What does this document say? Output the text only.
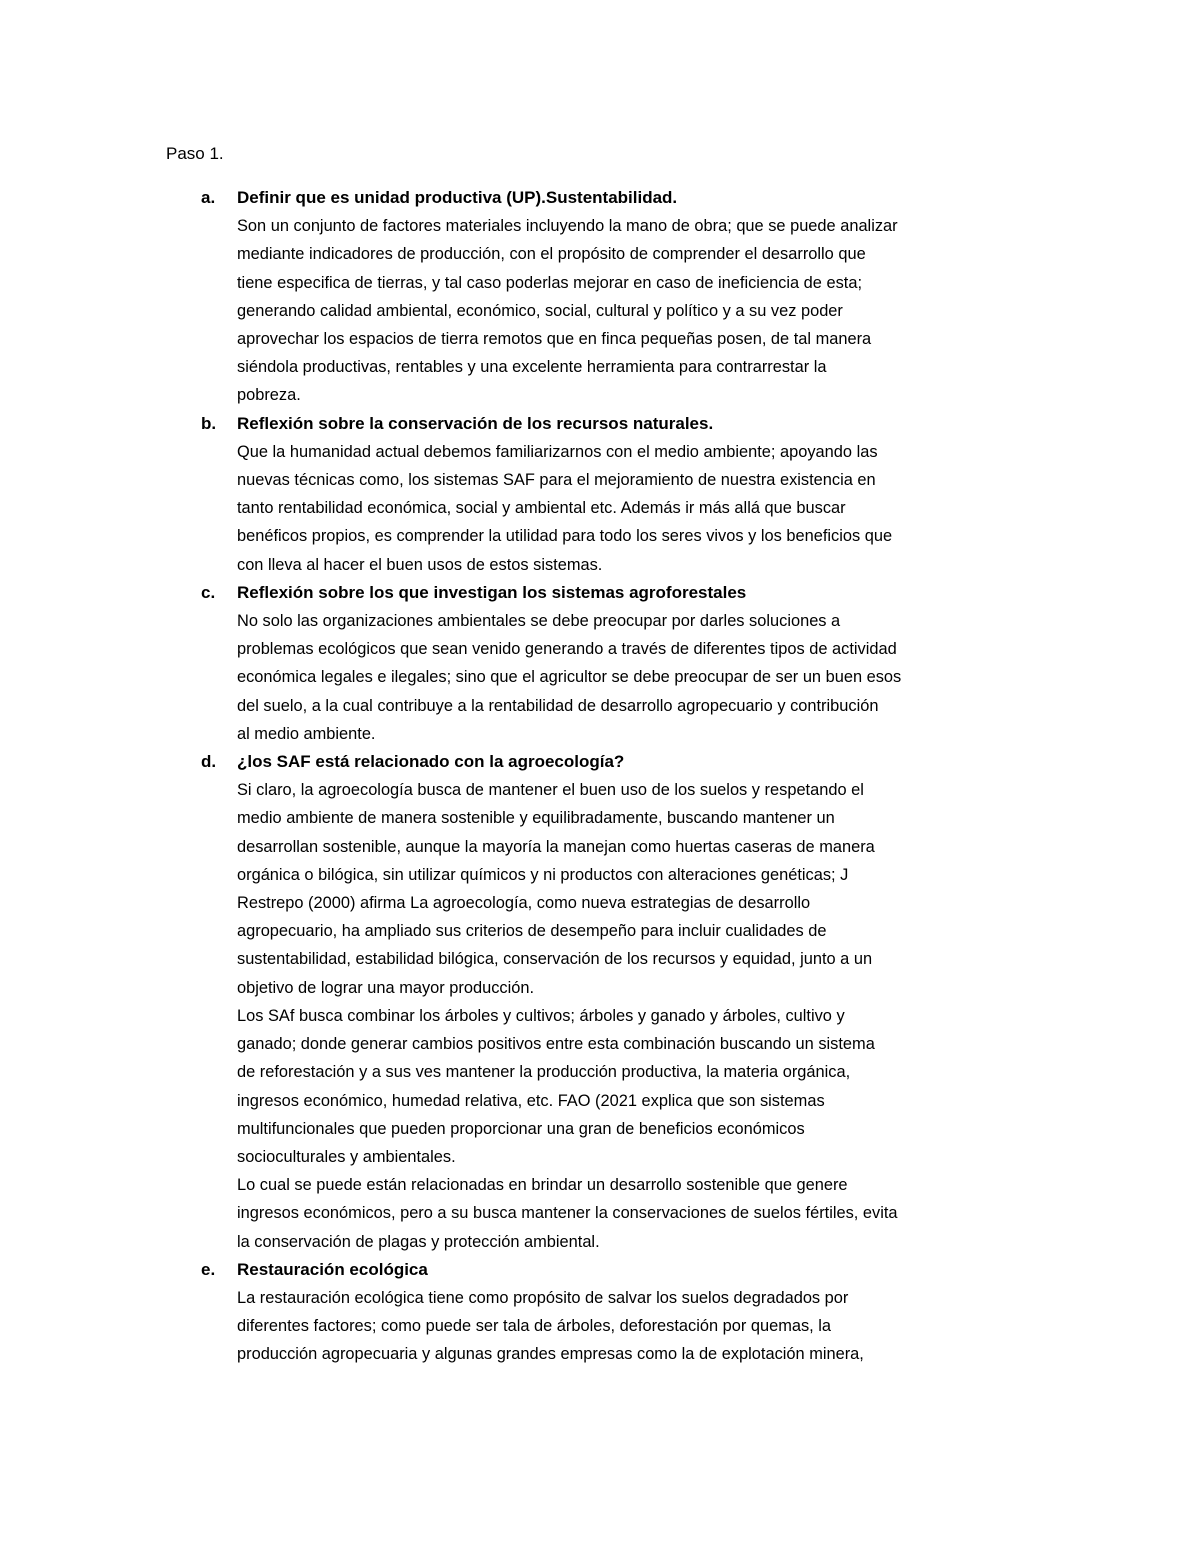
Paso 1.
a. Definir que es unidad productiva (UP).Sustentabilidad.

Son un conjunto de factores materiales incluyendo la mano de obra; que se puede analizar
mediante indicadores de producción, con el propósito de comprender el desarrollo que
tiene especifica de tierras, y tal caso poderlas mejorar en caso de ineficiencia de esta;
generando calidad ambiental, económico, social, cultural y político y a su vez poder
aprovechar los espacios de tierra remotos que en finca pequeñas posen, de tal manera
siéndola productivas, rentables y una excelente herramienta para contrarrestar la
pobreza.

b. Reflexión sobre la conservación de los recursos naturales.

Que la humanidad actual debemos familiarizarnos con el medio ambiente; apoyando las
nuevas técnicas como, los sistemas SAF para el mejoramiento de nuestra existencia en
tanto rentabilidad económica, social y ambiental etc. Además ir más allá que buscar
benéficos propios, es comprender la utilidad para todo los seres vivos y los beneficios que
con lleva al hacer el buen usos de estos sistemas.

c. Reflexión sobre los que investigan los sistemas agroforestales

No solo las organizaciones ambientales se debe preocupar por darles soluciones a
problemas ecológicos que sean venido generando a través de diferentes tipos de actividad
económica legales e ilegales; sino que el agricultor se debe preocupar de ser un buen esos
del suelo, a la cual contribuye a la rentabilidad de desarrollo agropecuario y contribución
al medio ambiente.

d. ¿los SAF está relacionado con la agroecología?

Si claro, la agroecología busca de mantener el buen uso de los suelos y respetando el
medio ambiente de manera sostenible y equilibradamente, buscando mantener un
desarrollan sostenible, aunque la mayoría la manejan como huertas caseras de manera
orgánica o bilógica, sin utilizar químicos y ni productos con alteraciones genéticas; J
Restrepo (2000) afirma La agroecología, como nueva estrategias de desarrollo
agropecuario, ha ampliado sus criterios de desempeño para incluir cualidades de
sustentabilidad, estabilidad bilógica, conservación de los recursos y equidad, junto a un
objetivo de lograr una mayor producción.

Los SAf busca combinar los árboles y cultivos; árboles y ganado y árboles, cultivo y
ganado; donde generar cambios positivos entre esta combinación buscando un sistema
de reforestación y a sus ves mantener la producción productiva, la materia orgánica,
ingresos económico, humedad relativa, etc. FAO (2021 explica que son sistemas
multifuncionales que pueden proporcionar una gran de beneficios económicos
socioculturales y ambientales.

Lo cual se puede están relacionadas en brindar un desarrollo sostenible que genere
ingresos económicos, pero a su busca mantener la conservaciones de suelos fértiles, evita
la conservación de plagas y protección ambiental.

e. Restauración ecológica

La restauración ecológica tiene como propósito de salvar los suelos degradados por
diferentes factores; como puede ser tala de árboles, deforestación por quemas, la
producción agropecuaria y algunas grandes empresas como la de explotación minera,
